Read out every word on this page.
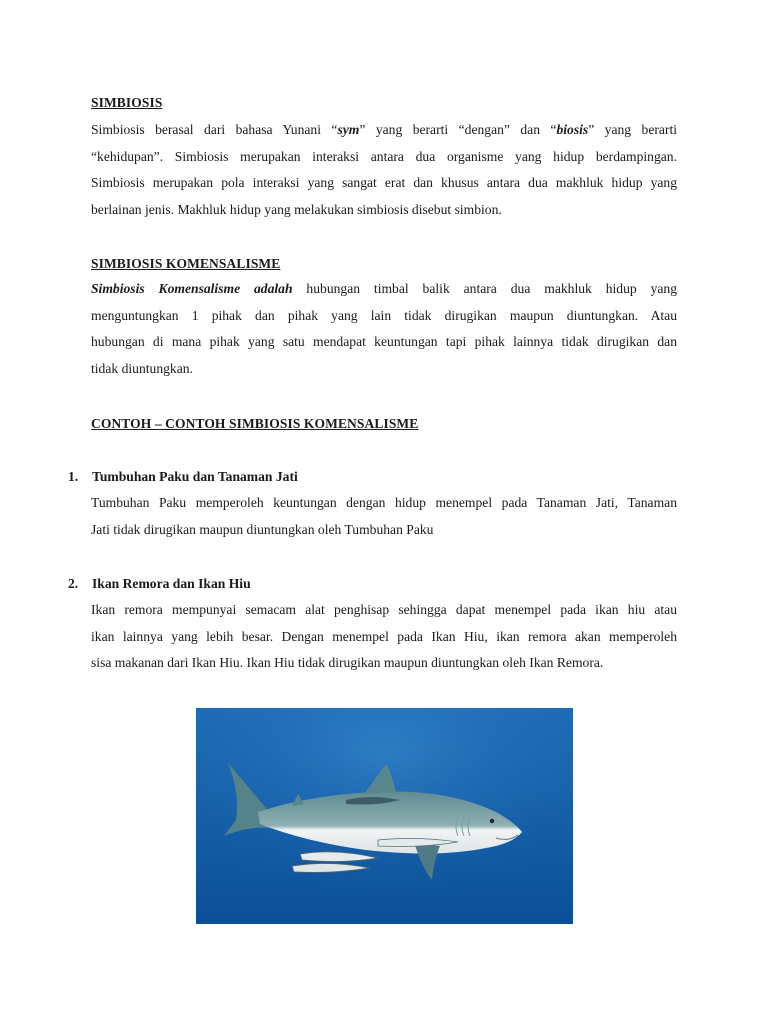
SIMBIOSIS

Simbiosis berasal dari bahasa Yunani “sym” yang berarti “dengan” dan “biosis” yang berarti
“kehidupan”. Simbiosis merupakan interaksi antara dua organisme yang hidup berdampingan.
Simbiosis merupakan pola interaksi yang sangat erat dan khusus antara dua makhluk hidup yang
berlainan jenis. Makhluk hidup yang melakukan simbiosis disebut simbion.

SIMBIOSIS KOMENSALISME

Simbiosis Komensalisme adalah hubungan timbal balik antara dua makhluk hidup yang
menguntungkan 1 pihak dan pihak yang lain tidak dirugikan maupun diuntungkan. Atau
hubungan di mana pihak yang satu mendapat keuntungan tapi pihak lainnya tidak dirugikan dan
tidak diuntungkan.

CONTOH – CONTOH SIMBIOSIS KOMENSALISME
1. Tumbuhan Paku dan Tanaman Jati

Tumbuhan Paku memperoleh keuntungan dengan hidup menempel pada Tanaman Jati, Tanaman
Jati tidak dirugikan maupun diuntungkan oleh Tumbuhan Paku

2. Ikan Remora dan Ikan Hiu

Ikan remora mempunyai semacam alat penghisap sehingga dapat menempel pada ikan hiu atau
ikan lainnya yang lebih besar. Dengan menempel pada Ikan Hiu, ikan remora akan memperoleh
sisa makanan dari Ikan Hiu. Ikan Hiu tidak dirugikan maupun diuntungkan oleh Ikan Remora.
